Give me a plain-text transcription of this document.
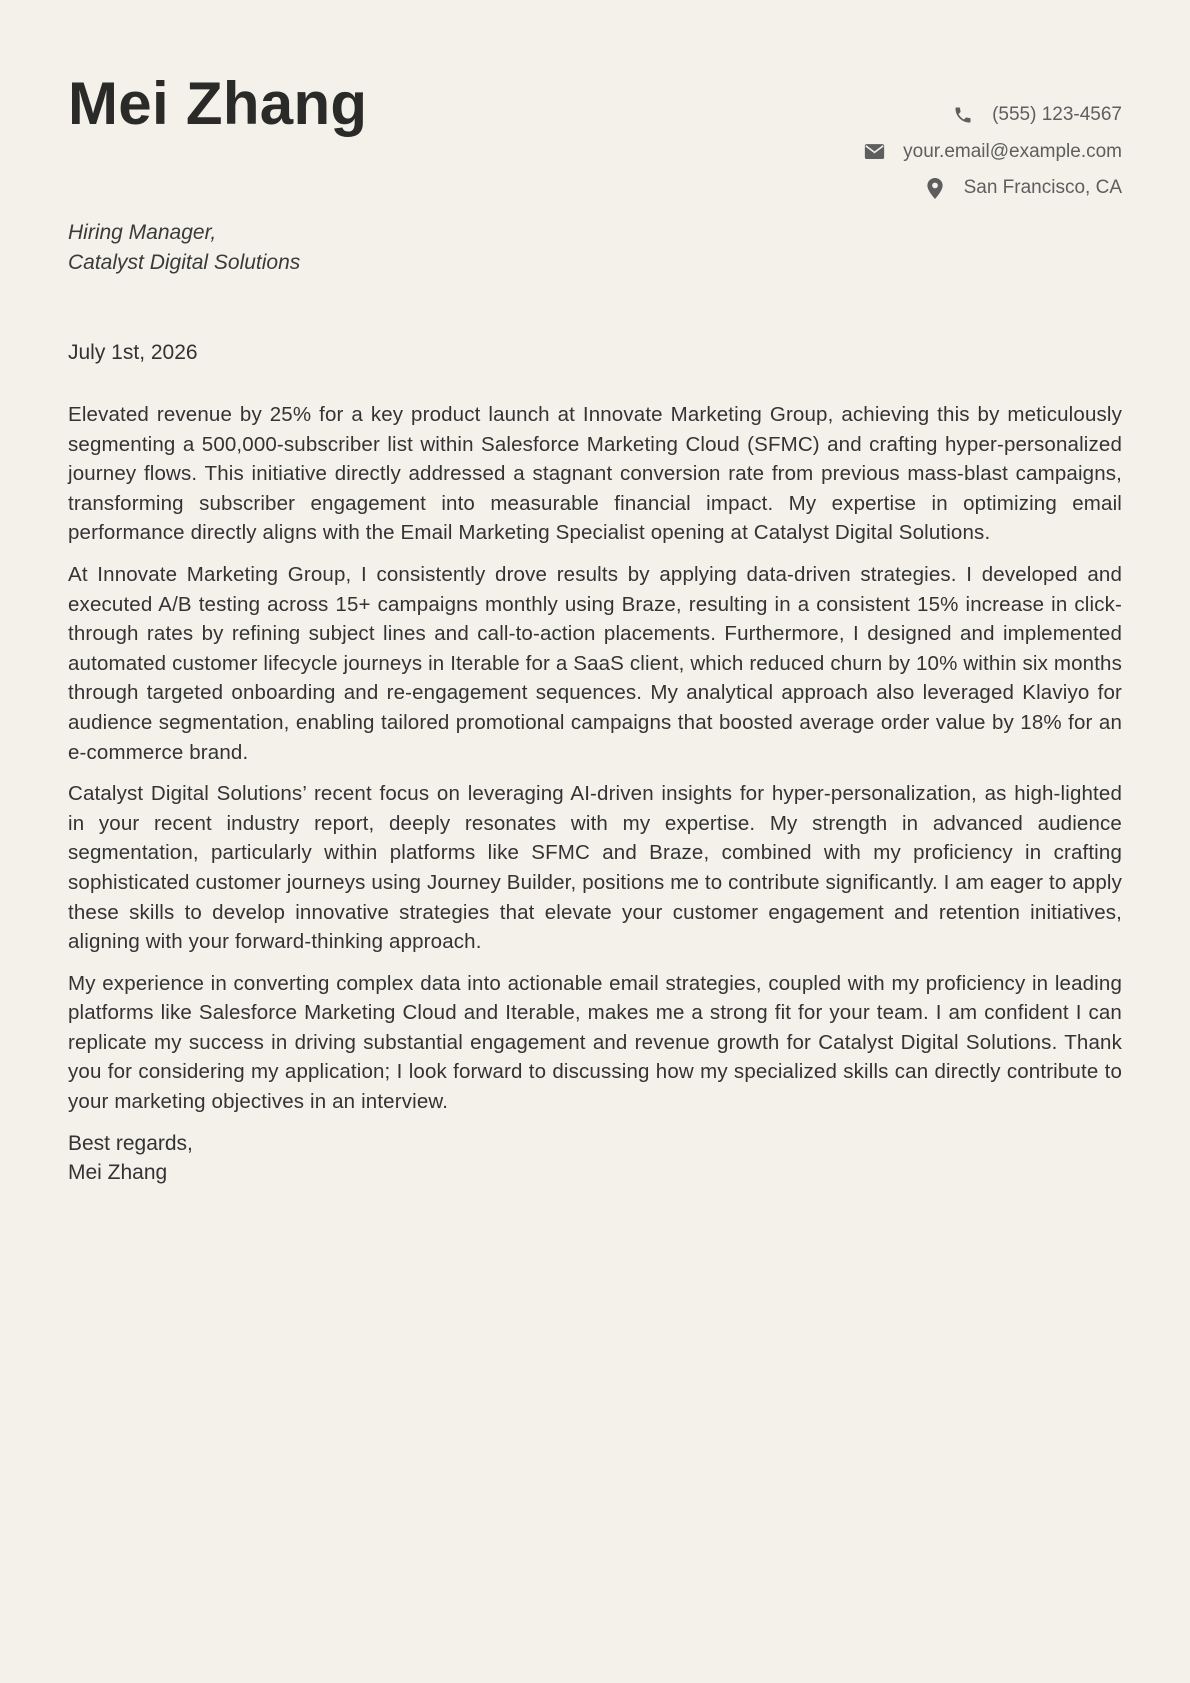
Mei Zhang	(555) 123-4567
your.email@example.com
San Francisco, CA
Hiring Manager,
Catalyst Digital Solutions
July 1st, 2026

Elevated revenue by 25% for a key product launch at Innovate Marketing Group, achieving this by meticulously segmenting a 500,000-subscriber list within Salesforce Marketing Cloud (SFMC) and crafting hyper-personalized journey flows. This initiative directly addressed a stagnant conversion rate from previous mass-blast campaigns, transforming subscriber engagement into measurable financial impact. My expertise in optimizing email performance directly aligns with the Email Marketing Specialist opening at Catalyst Digital Solutions.

At Innovate Marketing Group, I consistently drove results by applying data-driven strategies. I developed and executed A/B testing across 15+ campaigns monthly using Braze, resulting in a consistent 15% increase in click-through rates by refining subject lines and call-to-action placements. Furthermore, I designed and implemented automated customer lifecycle journeys in Iterable for a SaaS client, which reduced churn by 10% within six months through targeted onboarding and re-engagement sequences. My analytical approach also leveraged Klaviyo for audience segmentation, enabling tailored promotional campaigns that boosted average order value by 18% for an e-commerce brand.

Catalyst Digital Solutions’ recent focus on leveraging AI-driven insights for hyper-personalization, as high-lighted in your recent industry report, deeply resonates with my expertise. My strength in advanced audience segmentation, particularly within platforms like SFMC and Braze, combined with my proficiency in crafting sophisticated customer journeys using Journey Builder, positions me to contribute significantly. I am eager to apply these skills to develop innovative strategies that elevate your customer engagement and retention initiatives, aligning with your forward-thinking approach.

My experience in converting complex data into actionable email strategies, coupled with my proficiency in leading platforms like Salesforce Marketing Cloud and Iterable, makes me a strong fit for your team. I am confident I can replicate my success in driving substantial engagement and revenue growth for Catalyst Digital Solutions. Thank you for considering my application; I look forward to discussing how my specialized skills can directly contribute to your marketing objectives in an interview.

Best regards,
Mei Zhang
